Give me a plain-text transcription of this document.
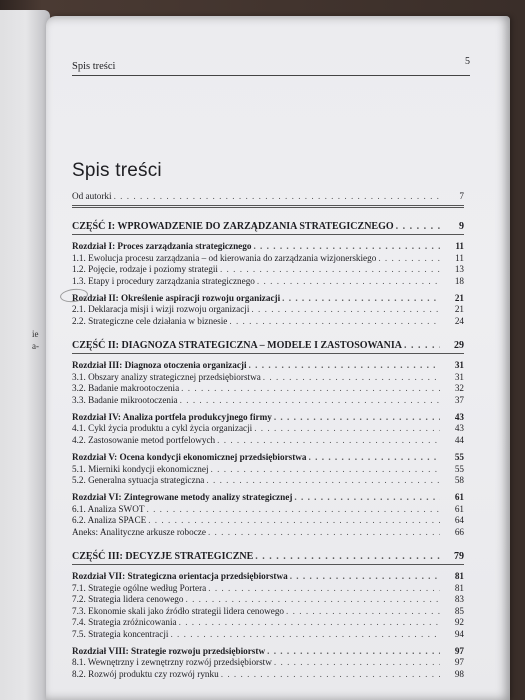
ie
a-
Spis treści	5
Spis treści
Od autorki . . .	7
CZĘŚĆ I: WPROWADZENIE DO ZARZĄDZANIA STRATEGICZNEGO . . .	9
Rozdział I: Proces zarządzania strategicznego . . .	11
1.1. Ewolucja procesu zarządzania – od kierowania do zarządzania wizjonerskiego . . .	11
1.2. Pojęcie, rodzaje i poziomy strategii . . .	13
1.3. Etapy i procedury zarządzania strategicznego . . .	18
Rozdział II: Określenie aspiracji rozwoju organizacji . . .	21
2.1. Deklaracja misji i wizji rozwoju organizacji . . .	21
2.2. Strategiczne cele działania w biznesie . . .	24
CZĘŚĆ II: DIAGNOZA STRATEGICZNA – MODELE I ZASTOSOWANIA . . .	29
Rozdział III: Diagnoza otoczenia organizacji . . .	31
3.1. Obszary analizy strategicznej przedsiębiorstwa . . .	31
3.2. Badanie makrootoczenia . . .	32
3.3. Badanie mikrootoczenia . . .	37
Rozdział IV: Analiza portfela produkcyjnego firmy . . .	43
4.1. Cykl życia produktu a cykl życia organizacji . . .	43
4.2. Zastosowanie metod portfelowych . . .	44
Rozdział V: Ocena kondycji ekonomicznej przedsiębiorstwa . . .	55
5.1. Mierniki kondycji ekonomicznej . . .	55
5.2. Generalna sytuacja strategiczna . . .	58
Rozdział VI: Zintegrowane metody analizy strategicznej . . .	61
6.1. Analiza SWOT . . .	61
6.2. Analiza SPACE . . .	64
Aneks: Analityczne arkusze robocze . . .	66
CZĘŚĆ III: DECYZJE STRATEGICZNE . . .	79
Rozdział VII: Strategiczna orientacja przedsiębiorstwa . . .	81
7.1. Strategie ogólne według Portera . . .	81
7.2. Strategia lidera cenowego . . .	83
7.3. Ekonomie skali jako źródło strategii lidera cenowego . . .	85
7.4. Strategia zróżnicowania . . .	92
7.5. Strategia koncentracji . . .	94
Rozdział VIII: Strategie rozwoju przedsiębiorstw . . .	97
8.1. Wewnętrzny i zewnętrzny rozwój przedsiębiorstw . . .	97
8.2. Rozwój produktu czy rozwój rynku . . .	98
